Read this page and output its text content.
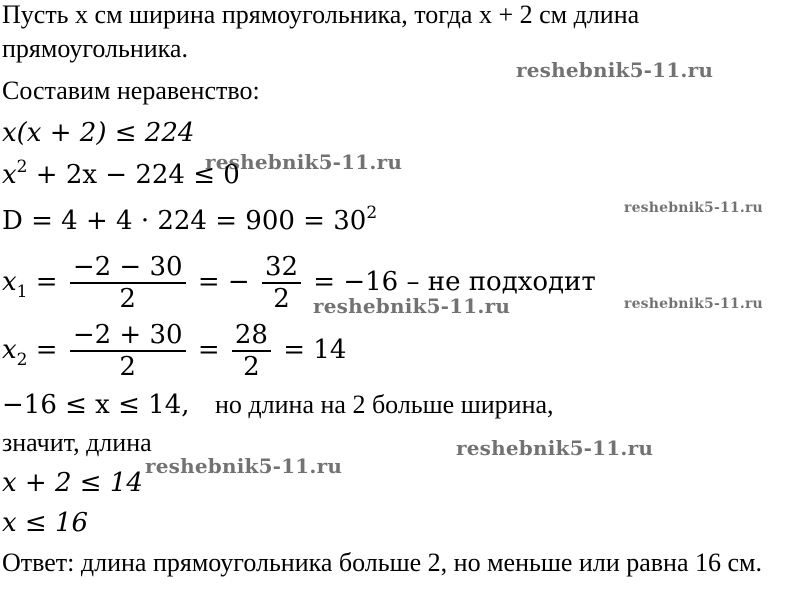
Пусть x см ширина прямоугольника, тогда x + 2 см длина
прямоугольника.
Составим неравенство:
x(x + 2) ≤ 224
$x^2 + 2x - 224 \le 0$
$D = 4 + 4 \cdot 224 = 900 = 30^2$
$x_1 = \frac{-2 - 30}{2}$ = − $\frac{32}{2} = -16$ – не подходит
$x_2 = \frac{-2 + 30}{2} = \frac{28}{2} = 14$
−16 ≤ x ≤ 14, но длина на 2 больше ширина,
значит, длина
x + 2 ≤ 14
x ≤ 16
Ответ: длина прямоугольника больше 2, но меньше или равна 16 см.
reshebnik5-11.ru
reshebnik5-11.ru
reshebnik5-11.ru
reshebnik5-11.ru	reshebnik5-11.ru
reshebnik5-11.ru
reshebnik5-11.ru
